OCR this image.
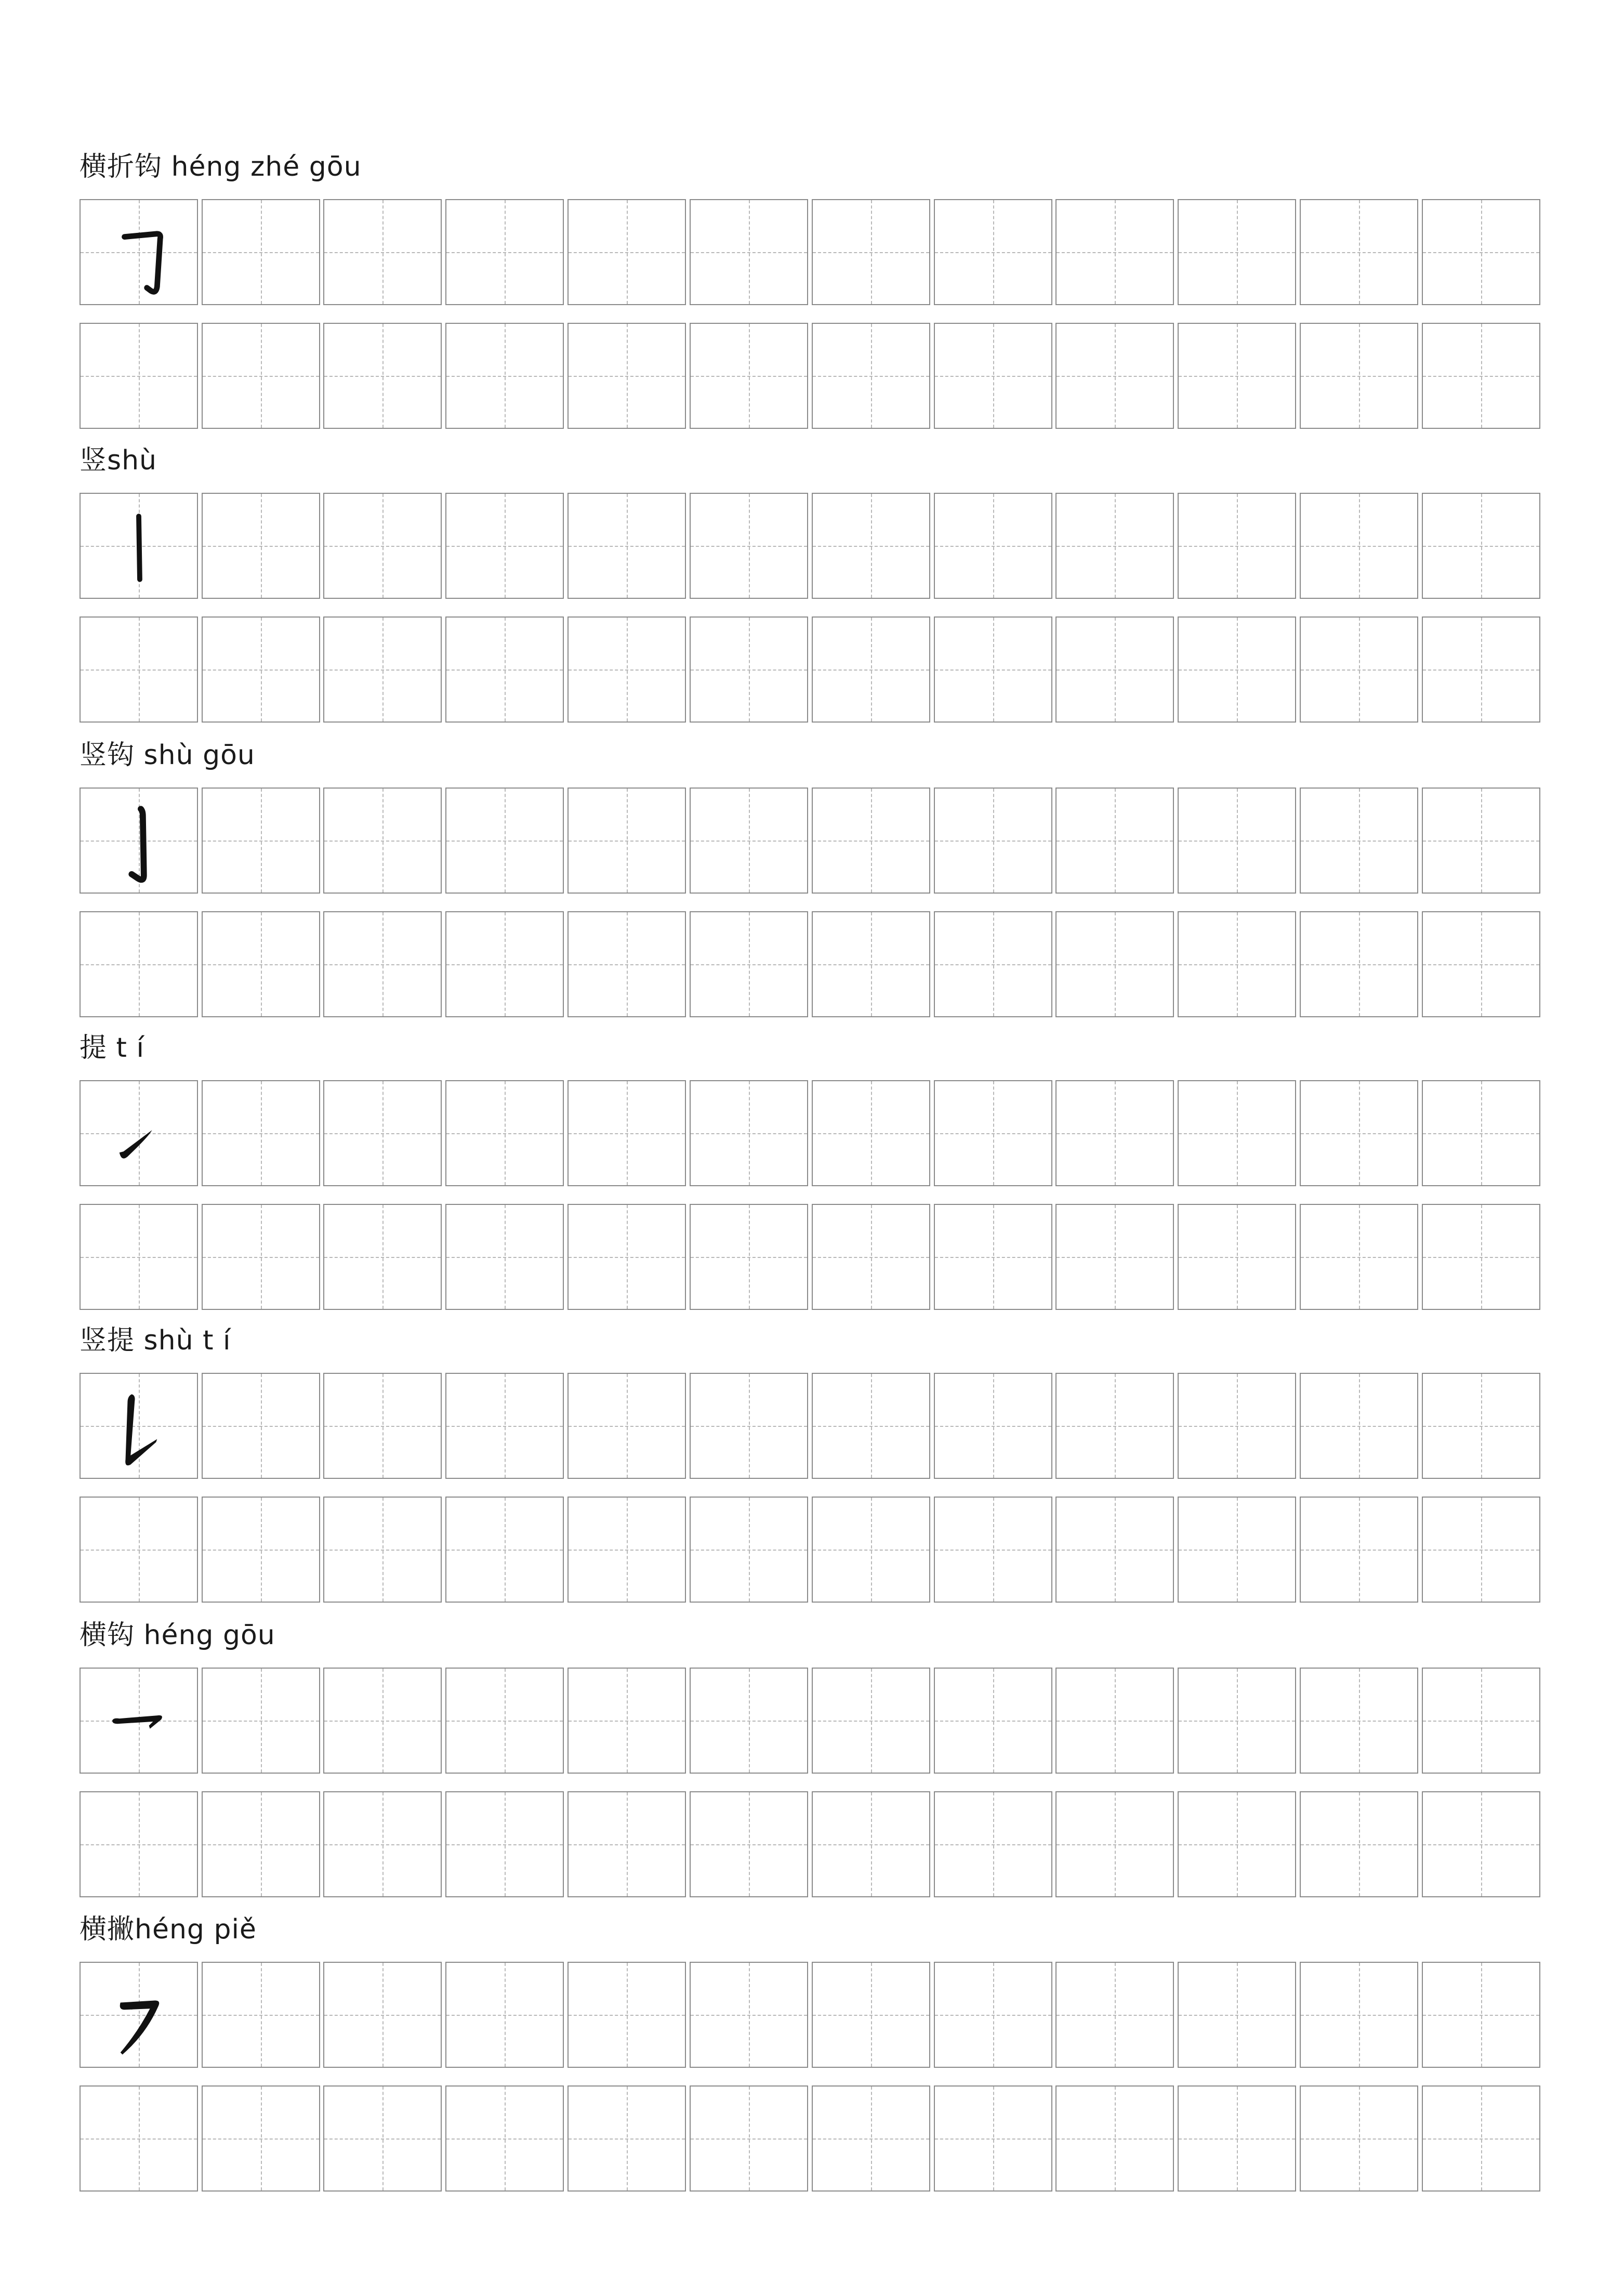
横折钩 héng zhé gōu
竖shù
竖钩 shù gōu
提 t í
竖提 shù t í
横钩 héng gōu
横撇héng piě
